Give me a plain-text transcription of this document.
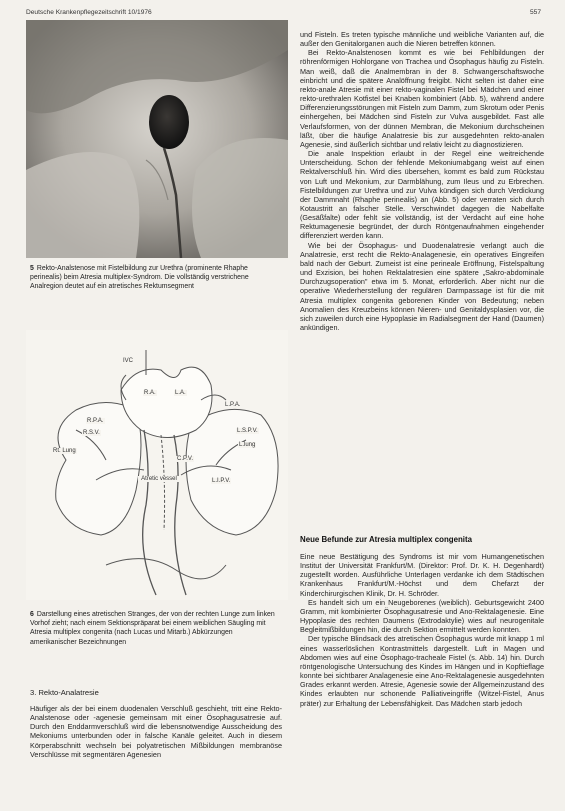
Deutsche Krankenpflegezeitschrift 10/1976	557
5 Rekto-Analstenose mit Fistelbildung zur Urethra (prominente Rhaphe perinealis) beim Atresia multiplex-Syndrom. Die vollständig verstrichene Analregion deutet auf ein atretisches Rektumsegment
IVC
R.A.	L.A.
L.P.A.
R.P.A.
R.S.V.
Rt. Lung
L.S.P.V.
L.lung
C.P.V.
Atretic vessel	L.I.P.V.
6 Darstellung eines atretischen Stranges, der von der rechten Lunge zum linken Vorhof zieht; nach einem Sektionspräparat bei einem weiblichen Säugling mit Atresia multiplex congenita (nach Lucas und Mitarb.) Abkürzungen amerikanischer Bezeichnungen
3. Rekto-Analatresie

Häufiger als der bei einem duodenalen Verschluß geschieht, tritt eine Rekto-Analstenose oder -agenesie gemeinsam mit einer Ösophagusatresie auf. Durch den Enddarmverschluß wird die lebensnotwendige Ausscheidung des Mekoniums unterbunden oder in falsche Kanäle geleitet. Auch in diesem Körperabschnitt wechseln bei polyatretischen Mißbildungen membranöse Verschlüsse mit segmentären Agenesien

und Fisteln. Es treten typische männliche und weibliche Varianten auf, die außer den Genitalorganen auch die Nieren betreffen können.

Bei Rekto-Analstenosen kommt es wie bei Fehlbildungen der röhrenförmigen Hohlorgane von Trachea und Ösophagus häufig zu Fisteln. Man weiß, daß die Analmembran in der 8. Schwangerschaftswoche einbricht und die spätere Analöffnung freigibt. Nicht selten ist daher eine rekto-anale Atresie mit einer rekto-vaginalen Fistel bei Mädchen und einer rekto-urethralen Kotfistel bei Knaben kombiniert (Abb. 5), während andere Differenzierungsstörungen mit Fisteln zum Damm, zum Skrotum oder Penis einhergehen, bei Mädchen sind Fisteln zur Vulva ausgebildet. Fast alle Verlaufsformen, von der dünnen Membran, die Mekonium durchscheinen läßt, über die häufige Analatresie bis zur ausgedehnten rekto-analen Agenesie, sind äußerlich sichtbar und relativ leicht zu diagnostizieren.

Die anale Inspektion erlaubt in der Regel eine weitreichende Unterscheidung. Schon der fehlende Mekoniumabgang weist auf einen Rektalverschluß hin. Wird dies übersehen, kommt es bald zum Rückstau von Luft und Mekonium, zur Darmblähung, zum Ileus und zu Erbrechen. Fistelbildungen zur Urethra und zur Vulva kündigen sich durch Verdickung der Dammnaht (Rhaphe perinealis) an (Abb. 5) oder verraten sich durch Kotaustritt an falscher Stelle. Verschwindet dagegen die Nabelfalte (Gesäßfalte) oder fehlt sie vollständig, ist der Verdacht auf eine hohe Rektumagenesie begründet, der durch Röntgenaufnahmen eingehender differenziert werden kann.

Wie bei der Ösophagus- und Duodenalatresie verlangt auch die Analatresie, erst recht die Rekto-Analagenesie, ein operatives Eingreifen bald nach der Geburt. Zumeist ist eine perineale Eröffnung, Fistelspaltung und Exzision, bei hohen Rektalatresien eine spätere „Sakro-abdominale Durchzugsoperation" etwa im 5. Monat, erforderlich. Aber nicht nur die operative Wiederherstellung der regulären Darmpassage ist für die mit Atresia multiplex congenita geborenen Kinder von Bedeutung; neben Anomalien des Kreuzbeins können Nieren- und Genitaldysplasien vor, die sich zuweilen durch eine Hypoplasie im Radialsegment der Hand (Daumen) ankündigen.

Neue Befunde zur Atresia multiplex congenita

Eine neue Bestätigung des Syndroms ist mir vom Humangenetischen Institut der Universität Frankfurt/M. (Direktor: Prof. Dr. K. H. Degenhardt) zugestellt worden. Ausführliche Unterlagen verdanke ich dem Städtischen Krankenhaus Frankfurt/M.-Höchst und dem Chefarzt der Kinderchirurgischen Klinik, Dr. H. Schröder.

Es handelt sich um ein Neugeborenes (weiblich). Geburtsgewicht 2400 Gramm, mit kombinierter Ösophagusatresie und Ano-Rektalagenesie. Eine Hypoplasie des rechten Daumens (Extrodaktylie) wies auf neurogenitale Begleitmißbildungen hin, die durch Sektion ermittelt werden konnten.

Der typische Blindsack des atretischen Ösophagus wurde mit knapp 1 ml eines wasserlöslichen Kontrastmittels dargestellt. Luft in Magen und Abdomen wies auf eine Ösophago-tracheale Fistel (s. Abb. 14) hin. Durch röntgenologische Untersuchung des Kindes im Hängen und in Kopftieflage konnte bei sichtbarer Analagenesie eine Ano-Rektalagenesie ausgedehnten Grades erkannt werden. Atresie, Agenesie sowie der Allgemeinzustand des Kindes erlaubten nur schonende Palliativeingriffe (Witzel-Fistel, Anus präter) zur Erhaltung der Lebensfähigkeit. Das Mädchen starb jedoch
